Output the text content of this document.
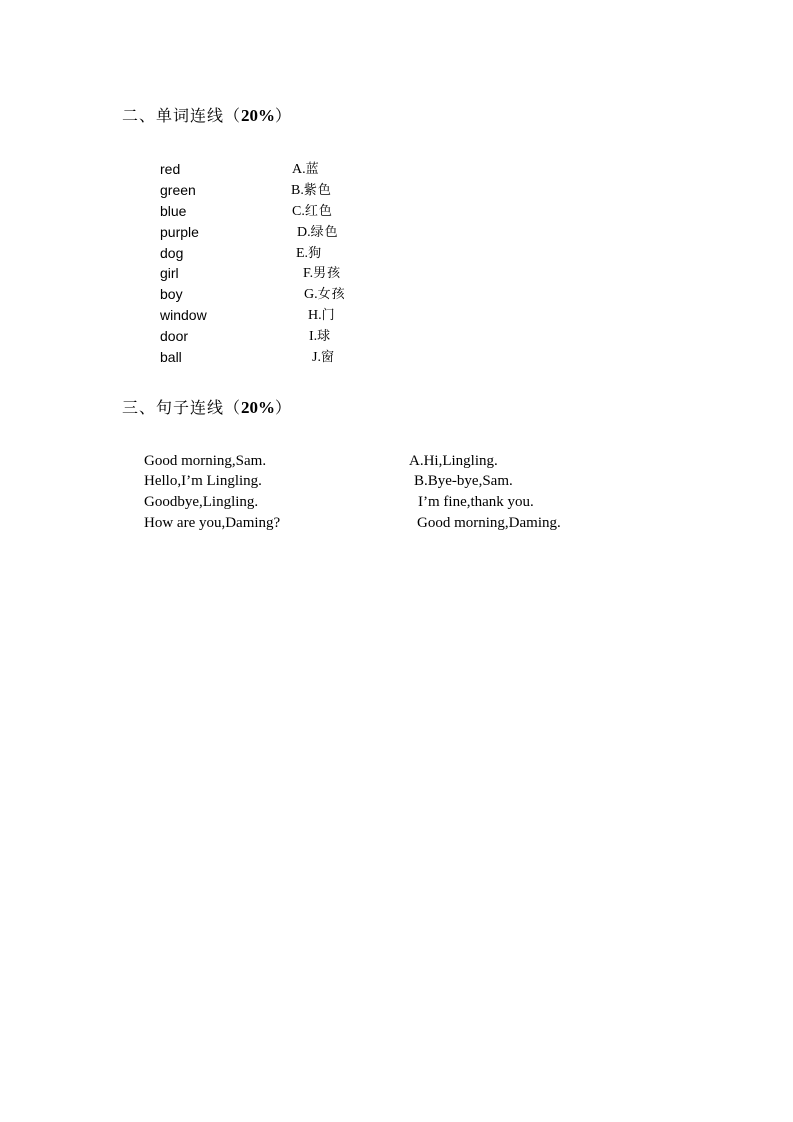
二、单词连线（20%）
red	A.蓝
green	B.紫色
blue	C.红色
purple	D.绿色
dog	E.狗
girl	F.男孩
boy	G.女孩
window	H.门
door	I.球
ball	J.窗
三、句子连线（20%）
Good morning,Sam.	A.Hi,Lingling.
Hello,I’m Lingling.	B.Bye-bye,Sam.
Goodbye,Lingling.	I’m fine,thank you.
How are you,Daming?	Good morning,Daming.
